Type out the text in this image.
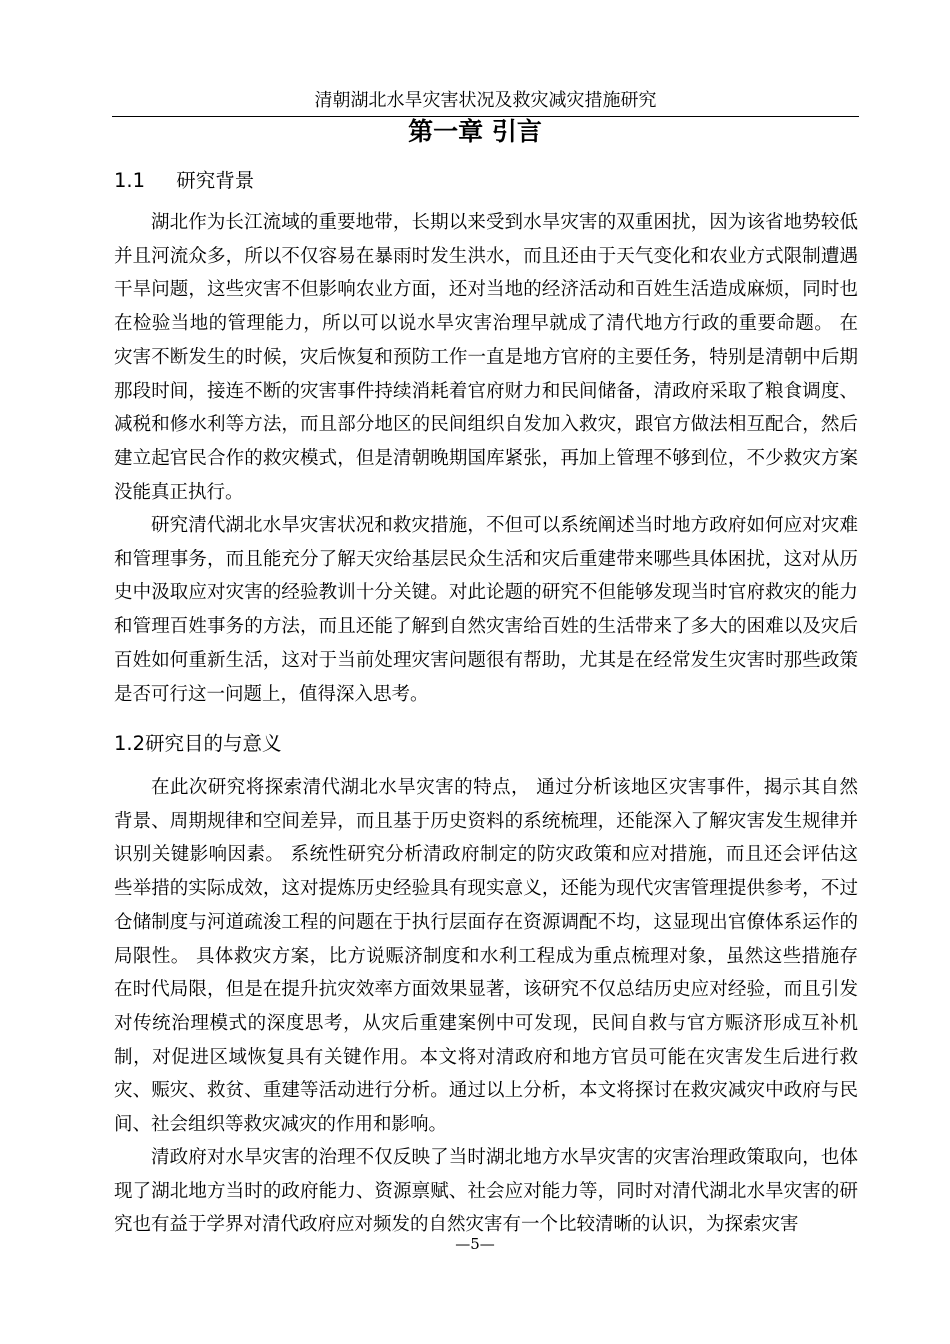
清朝湖北水旱灾害状况及救灾减灾措施研究
第一章 引言
1.1 研究背景

湖北作为长江流域的重要地带，长期以来受到水旱灾害的双重困扰，因为该省地势较低并且河流众多，所以不仅容易在暴雨时发生洪水，而且还由于天气变化和农业方式限制遭遇干旱问题，这些灾害不但影响农业方面，还对当地的经济活动和百姓生活造成麻烦，同时也在检验当地的管理能力，所以可以说水旱灾害治理早就成了清代地方行政的重要命题。 在灾害不断发生的时候，灾后恢复和预防工作一直是地方官府的主要任务，特别是清朝中后期那段时间，接连不断的灾害事件持续消耗着官府财力和民间储备，清政府采取了粮食调度、减税和修水利等方法，而且部分地区的民间组织自发加入救灾，跟官方做法相互配合，然后建立起官民合作的救灾模式，但是清朝晚期国库紧张，再加上管理不够到位，不少救灾方案没能真正执行。

研究清代湖北水旱灾害状况和救灾措施，不但可以系统阐述当时地方政府如何应对灾难和管理事务，而且能充分了解天灾给基层民众生活和灾后重建带来哪些具体困扰，这对从历史中汲取应对灾害的经验教训十分关键。对此论题的研究不但能够发现当时官府救灾的能力和管理百姓事务的方法，而且还能了解到自然灾害给百姓的生活带来了多大的困难以及灾后百姓如何重新生活，这对于当前处理灾害问题很有帮助，尤其是在经常发生灾害时那些政策是否可行这一问题上，值得深入思考。

1.2研究目的与意义

在此次研究将探索清代湖北水旱灾害的特点， 通过分析该地区灾害事件，揭示其自然背景、周期规律和空间差异，而且基于历史资料的系统梳理，还能深入了解灾害发生规律并识别关键影响因素。 系统性研究分析清政府制定的防灾政策和应对措施，而且还会评估这些举措的实际成效，这对提炼历史经验具有现实意义，还能为现代灾害管理提供参考，不过仓储制度与河道疏浚工程的问题在于执行层面存在资源调配不均，这显现出官僚体系运作的局限性。 具体救灾方案，比方说赈济制度和水利工程成为重点梳理对象，虽然这些措施存在时代局限，但是在提升抗灾效率方面效果显著，该研究不仅总结历史应对经验，而且引发对传统治理模式的深度思考，从灾后重建案例中可发现，民间自救与官方赈济形成互补机制，对促进区域恢复具有关键作用。本文将对清政府和地方官员可能在灾害发生后进行救灾、赈灾、救贫、重建等活动进行分析。通过以上分析，本文将探讨在救灾减灾中政府与民间、社会组织等救灾减灾的作用和影响。

清政府对水旱灾害的治理不仅反映了当时湖北地方水旱灾害的灾害治理政策取向，也体现了湖北地方当时的政府能力、资源禀赋、社会应对能力等，同时对清代湖北水旱灾害的研究也有益于学界对清代政府应对频发的自然灾害有一个比较清晰的认识，为探索灾害

—5—
